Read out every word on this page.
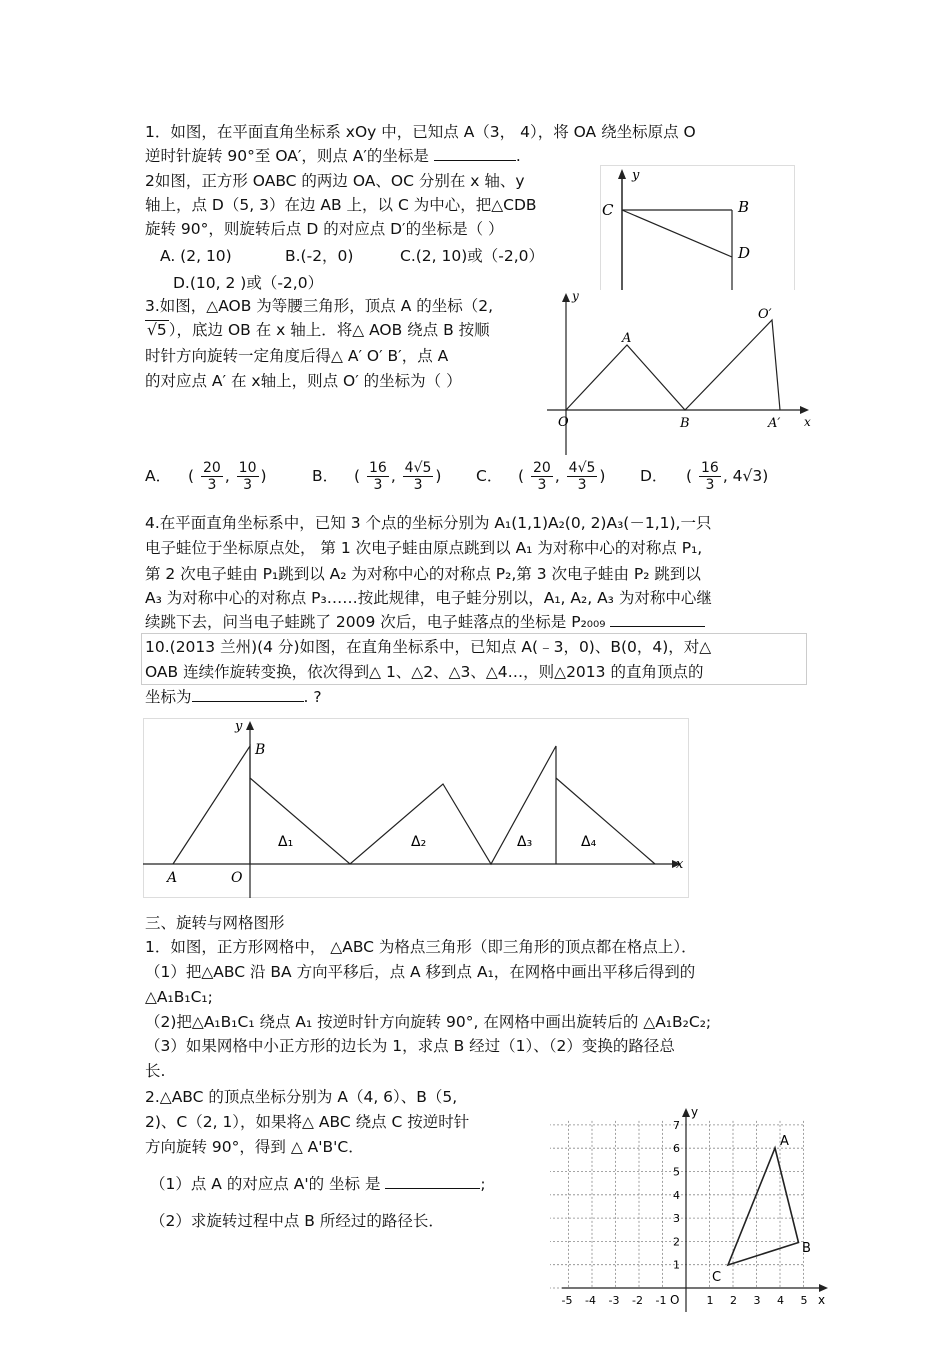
1．如图，在平面直角坐标系 xOy 中，已知点 A（3， 4），将 OA 绕坐标原点 O
逆时针旋转 90°至 OA′，则点 A′的坐标是	.
2如图，正方形 OABC 的两边 OA、OC 分别在 x 轴、y
轴上，点 D（5, 3）在边 AB 上，以 C 为中心，把△CDB
旋转 90°，则旋转后点 D 的对应点 D′的坐标是（ ）
A. (2, 10)	B.(-2，0)	C.(2, 10)或（-2,0）
D.(10, 2 )或（-2,0）
y
C	B
D
3.如图，△AOB 为等腰三角形，顶点 A 的坐标（2,
√5 ），底边 OB 在 x 轴上．将△ AOB 绕点 B 按顺
时针方向旋转一定角度后得△ A′ O′ B′，点 A
的对应点 A′ 在 x轴上，则点 O′ 的坐标为（ ）
y
x
A
O′
O	B	A′
A． ( $\frac{20}{3}$ , $\frac{10}{3}$ )	B． ( $\frac{16}{3}$ , $\frac{4√5}{3}$ ) C． ( $\frac{20}{3}$ , $\frac{4√5}{3}$ ) D． ( $\frac{16}{3}$ , 4√3)
4.在平面直角坐标系中，已知 3 个点的坐标分别为 A₁(1,1)A₂(0, 2)A₃(－1,1),一只
电子蛙位于坐标原点处， 第 1 次电子蛙由原点跳到以 A₁ 为对称中心的对称点 P₁,
第 2 次电子蛙由 P₁跳到以 A₂ 为对称中心的对称点 P₂,第 3 次电子蛙由 P₂ 跳到以
A₃ 为对称中心的对称点 P₃……按此规律，电子蛙分别以，A₁, A₂, A₃ 为对称中心继
续跳下去，问当电子蛙跳了 2009 次后，电子蛙落点的坐标是 P₂₀₀₉
10.(2013 兰州)(4 分)如图，在直角坐标系中，已知点 A(﹣3，0)、B(0，4)，对△
OAB 连续作旋转变换，依次得到△ 1、△2、△3、△4…，则△2013 的直角顶点的
坐标为	. ?
y
x
B
A	O
Δ₁	Δ₂	Δ₃	Δ₄
三、旋转与网格图形
1．如图，正方形网格中， △ABC 为格点三角形（即三角形的顶点都在格点上）．
（1）把△ABC 沿 BA 方向平移后，点 A 移到点 A₁，在网格中画出平移后得到的
△A₁B₁C₁;
（2)把△A₁B₁C₁ 绕点 A₁ 按逆时针方向旋转 90°, 在网格中画出旋转后的 △A₁B₂C₂;
（3）如果网格中小正方形的边长为 1，求点 B 经过（1）、（2）变换的路径总
长.
2.△ABC 的顶点坐标分别为 A（4, 6）、B（5,
2)、C（2, 1），如果将△ ABC 绕点 C 按逆时针
方向旋转 90°，得到 △ A'B'C．
（1）点 A 的对应点 A'的 坐标 是	;
（2）求旋转过程中点 B 所经过的路径长．
x
y
O
-5 -4 -3 -2 -1	1 2 3 4 5
1
2
3
4
5
6
7
A
B
C
